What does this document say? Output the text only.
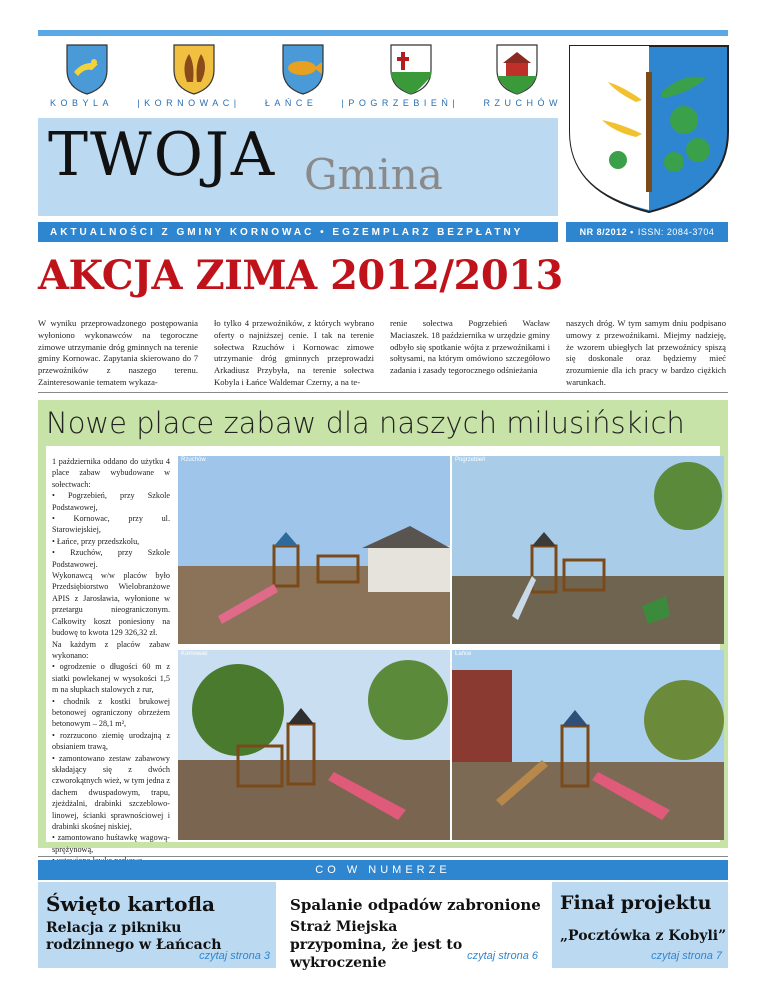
KOBYLA	|KORNOWAC|	ŁAŃCE	|POGRZEBIEŃ|	RZUCHÓW
TWOJA Gmina
AKTUALNOŚCI Z GMINY KORNOWAC • EGZEMPLARZ BEZPŁATNY	NR 8/2012 • ISSN: 2084-3704
AKCJA ZIMA 2012/2013

W wyniku przeprowadzonego postępowania wyłoniono wykonawców na tegoroczne zimowe utrzymanie dróg gminnych na terenie gminy Kornowac. Zapytania skierowano do 7 przewoźników z naszego terenu. Zainteresowanie tematem wykaza-

ło tylko 4 przewoźników, z których wybrano oferty o najniższej cenie. I tak na terenie sołectwa Rzuchów i Kornowac zimowe utrzymanie dróg gminnych przeprowadzi Arkadiusz Przybyła, na terenie sołectwa Kobyla i Łańce Waldemar Czerny, a na te-

renie sołectwa Pogrzebień Wacław Maciaszek. 18 października w urzędzie gminy odbyło się spotkanie wójta z przewoźnikami i sołtysami, na którym omówiono szczegółowo zadania i zasady tegorocznego odśnieżania

naszych dróg. W tym samym dniu podpisano umowy z przewoźnikami. Miejmy nadzieję, że wzorem ubiegłych lat przewoźnicy spiszą się doskonale oraz będziemy mieć zrozumienie dla ich pracy w bardzo ciężkich warunkach.

Nowe place zabaw dla naszych milusińskich

1 października oddano do użytku 4 place zabaw wybudowane w sołectwach:

• Pogrzebień, przy Szkole Podstawowej,

• Kornowac, przy ul. Starowiejskiej,

• Łańce, przy przedszkolu,

• Rzuchów, przy Szkole Podstawowej.

Wykonawcą w/w placów było Przedsiębiorstwo Wielobranżowe APIS z Jarosławia, wyłonione w przetargu nieograniczonym. Całkowity koszt poniesiony na budowę to kwota 129 326,32 zł.

Na każdym z placów zabaw wykonano:

• ogrodzenie o długości 60 m z siatki powlekanej w wysokości 1,5 m na słupkach stalowych z rur,

• chodnik z kostki brukowej betonowej ograniczony obrzeżem betonowym – 28,1 m²,

• rozrzucono ziemię urodzajną z obsianiem trawą,

• zamontowano zestaw zabawowy składający się z dwóch czworokątnych wież, w tym jedna z dachem dwuspadowym, trapu, zjeżdżalni, drabinki szczeblowo-linowej, ścianki sprawnościowej i drabinki skośnej niskiej,

• zamontowano huśtawkę wagową-sprężynową,

Rzuchów	Pogrzebień
Kornowac	Łańce
CO W NUMERZE
Święto kartofla
Relacja z pikniku rodzinnego w Łańcach
czytaj strona 3
Spalanie odpadów zabronione
Straż Miejska przypomina, że jest to wykroczenie	czytaj strona 6
Finał projektu
„Pocztówka z Kobyli”
czytaj strona 7
